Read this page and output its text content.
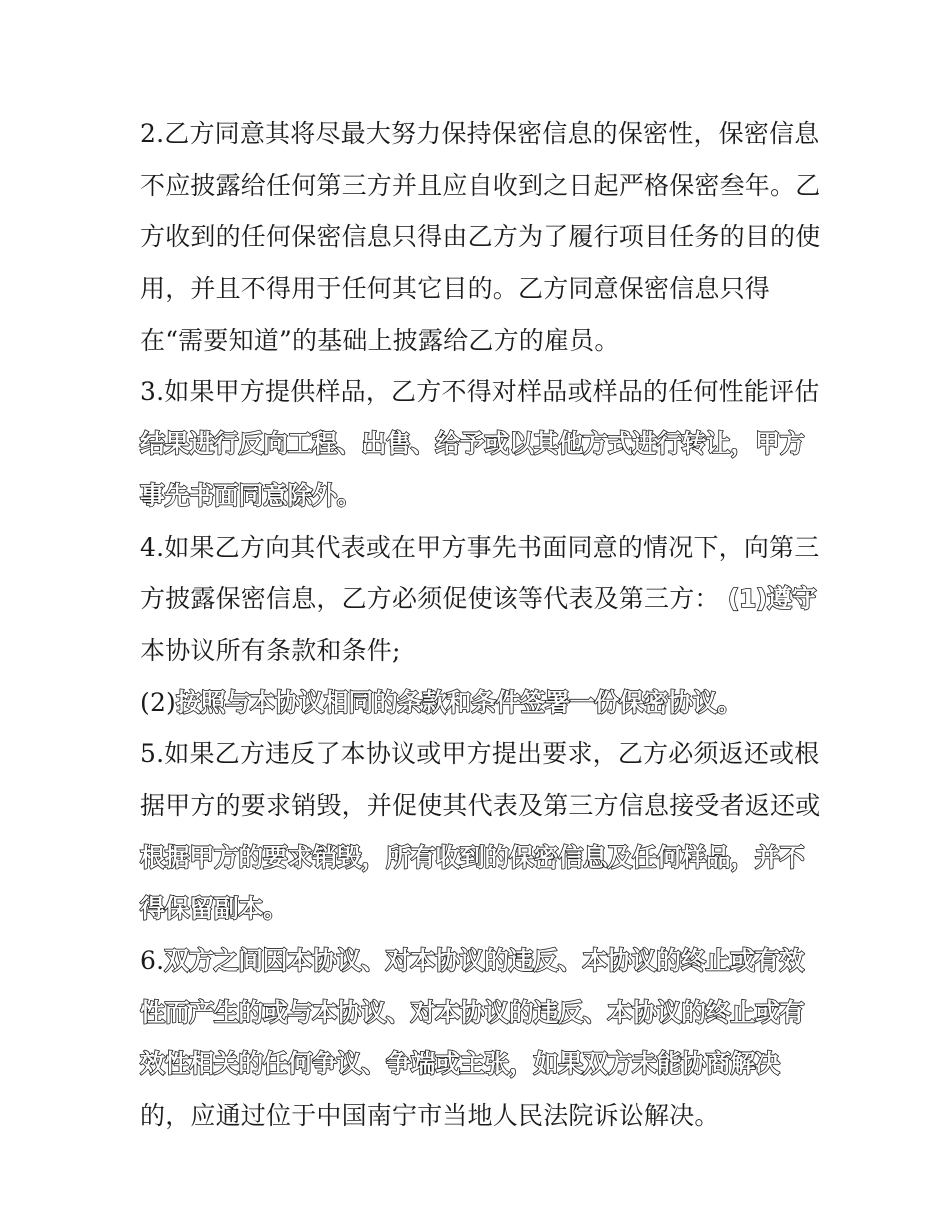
2.乙方同意其将尽最大努力保持保密信息的保密性，保密信息
不应披露给任何第三方并且应自收到之日起严格保密叁年。乙
方收到的任何保密信息只得由乙方为了履行项目任务的目的使
用，并且不得用于任何其它目的。乙方同意保密信息只得
在“需要知道”的基础上披露给乙方的雇员。
3.如果甲方提供样品，乙方不得对样品或样品的任何性能评估
结果进行反向工程、出售、给予或以其他方式进行转让，甲方
事先书面同意除外。
4.如果乙方向其代表或在甲方事先书面同意的情况下，向第三
方披露保密信息，乙方必须促使该等代表及第三方： (1)遵守
本协议所有条款和条件;
(2)按照与本协议相同的条款和条件签署一份保密协议。
5.如果乙方违反了本协议或甲方提出要求，乙方必须返还或根
据甲方的要求销毁，并促使其代表及第三方信息接受者返还或
根据甲方的要求销毁，所有收到的保密信息及任何样品，并不
得保留副本。
6.双方之间因本协议、对本协议的违反、本协议的终止或有效
性而产生的或与本协议、对本协议的违反、本协议的终止或有
效性相关的任何争议、争端或主张，如果双方未能协商解决
的，应通过位于中国南宁市当地人民法院诉讼解决。
